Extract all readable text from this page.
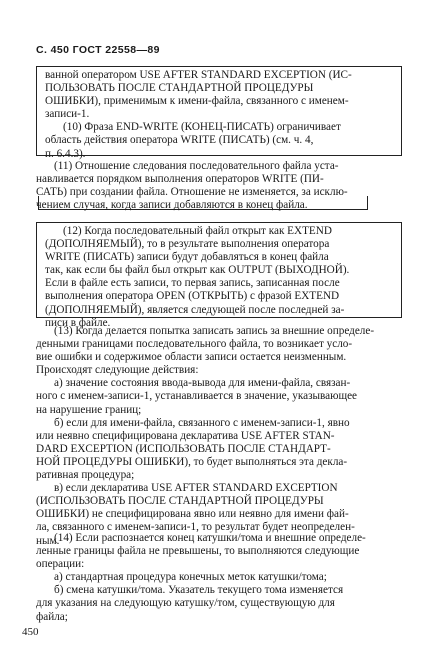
С. 450 ГОСТ 22558—89
ванной оператором USE AFTER STANDARD EXCEPTION (ИС-
ПОЛЬЗОВАТЬ ПОСЛЕ СТАНДАРТНОЙ ПРОЦЕДУРЫ
ОШИБКИ), применимым к имени-файла, связанного с именем-
записи-1.
(10) Фраза END-WRITE (КОНЕЦ-ПИСАТЬ) ограничивает
область действия оператора WRITE (ПИСАТЬ) (см. ч. 4,
п. 6.4.3).
(11) Отношение следования последовательного файла уста-
навливается порядком выполнения операторов WRITE (ПИ-
САТЬ) при создании файла. Отношение не изменяется, за исклю-
чением случая, когда записи добавляются в конец файла.
(12) Когда последовательный файл открыт как EXTEND
(ДОПОЛНЯЕМЫЙ), то в результате выполнения оператора
WRITE (ПИСАТЬ) записи будут добавляться в конец файла
так, как если бы файл был открыт как OUTPUT (ВЫХОДНОЙ).
Если в файле есть записи, то первая запись, записанная после
выполнения оператора OPEN (ОТКРЫТЬ) с фразой EXTEND
(ДОПОЛНЯЕМЫЙ), является следующей после последней за-
писи в файле.
(13) Когда делается попытка записать запись за внешние определе-
денными границами последовательного файла, то возникает усло-
вие ошибки и содержимое области записи остается неизменным.
Происходят следующие действия:
а) значение состояния ввода-вывода для имени-файла, связан-
ного с именем-записи-1, устанавливается в значение, указывающее
на нарушение границ;
б) если для имени-файла, связанного с именем-записи-1, явно
или неявно специфицирована декларатива USE AFTER STAN-
DARD EXCEPTION (ИСПОЛЬЗОВАТЬ ПОСЛЕ СТАНДАРТ-
НОЙ ПРОЦЕДУРЫ ОШИБКИ), то будет выполняться эта декла-
ративная процедура;
в) если декларатива USE AFTER STANDARD EXCEPTION
(ИСПОЛЬЗОВАТЬ ПОСЛЕ СТАНДАРТНОЙ ПРОЦЕДУРЫ
ОШИБКИ) не специфицирована явно или неявно для имени фай-
ла, связанного с именем-записи-1, то результат будет неопределен-
ным.
(14) Если распознается конец катушки/тома и внешние определе-
ленные границы файла не превышены, то выполняются следующие
операции:
а) стандартная процедура конечных меток катушки/тома;
б) смена катушки/тома. Указатель текущего тома изменяется
для указания на следующую катушку/том, существующую для
файла;
450
